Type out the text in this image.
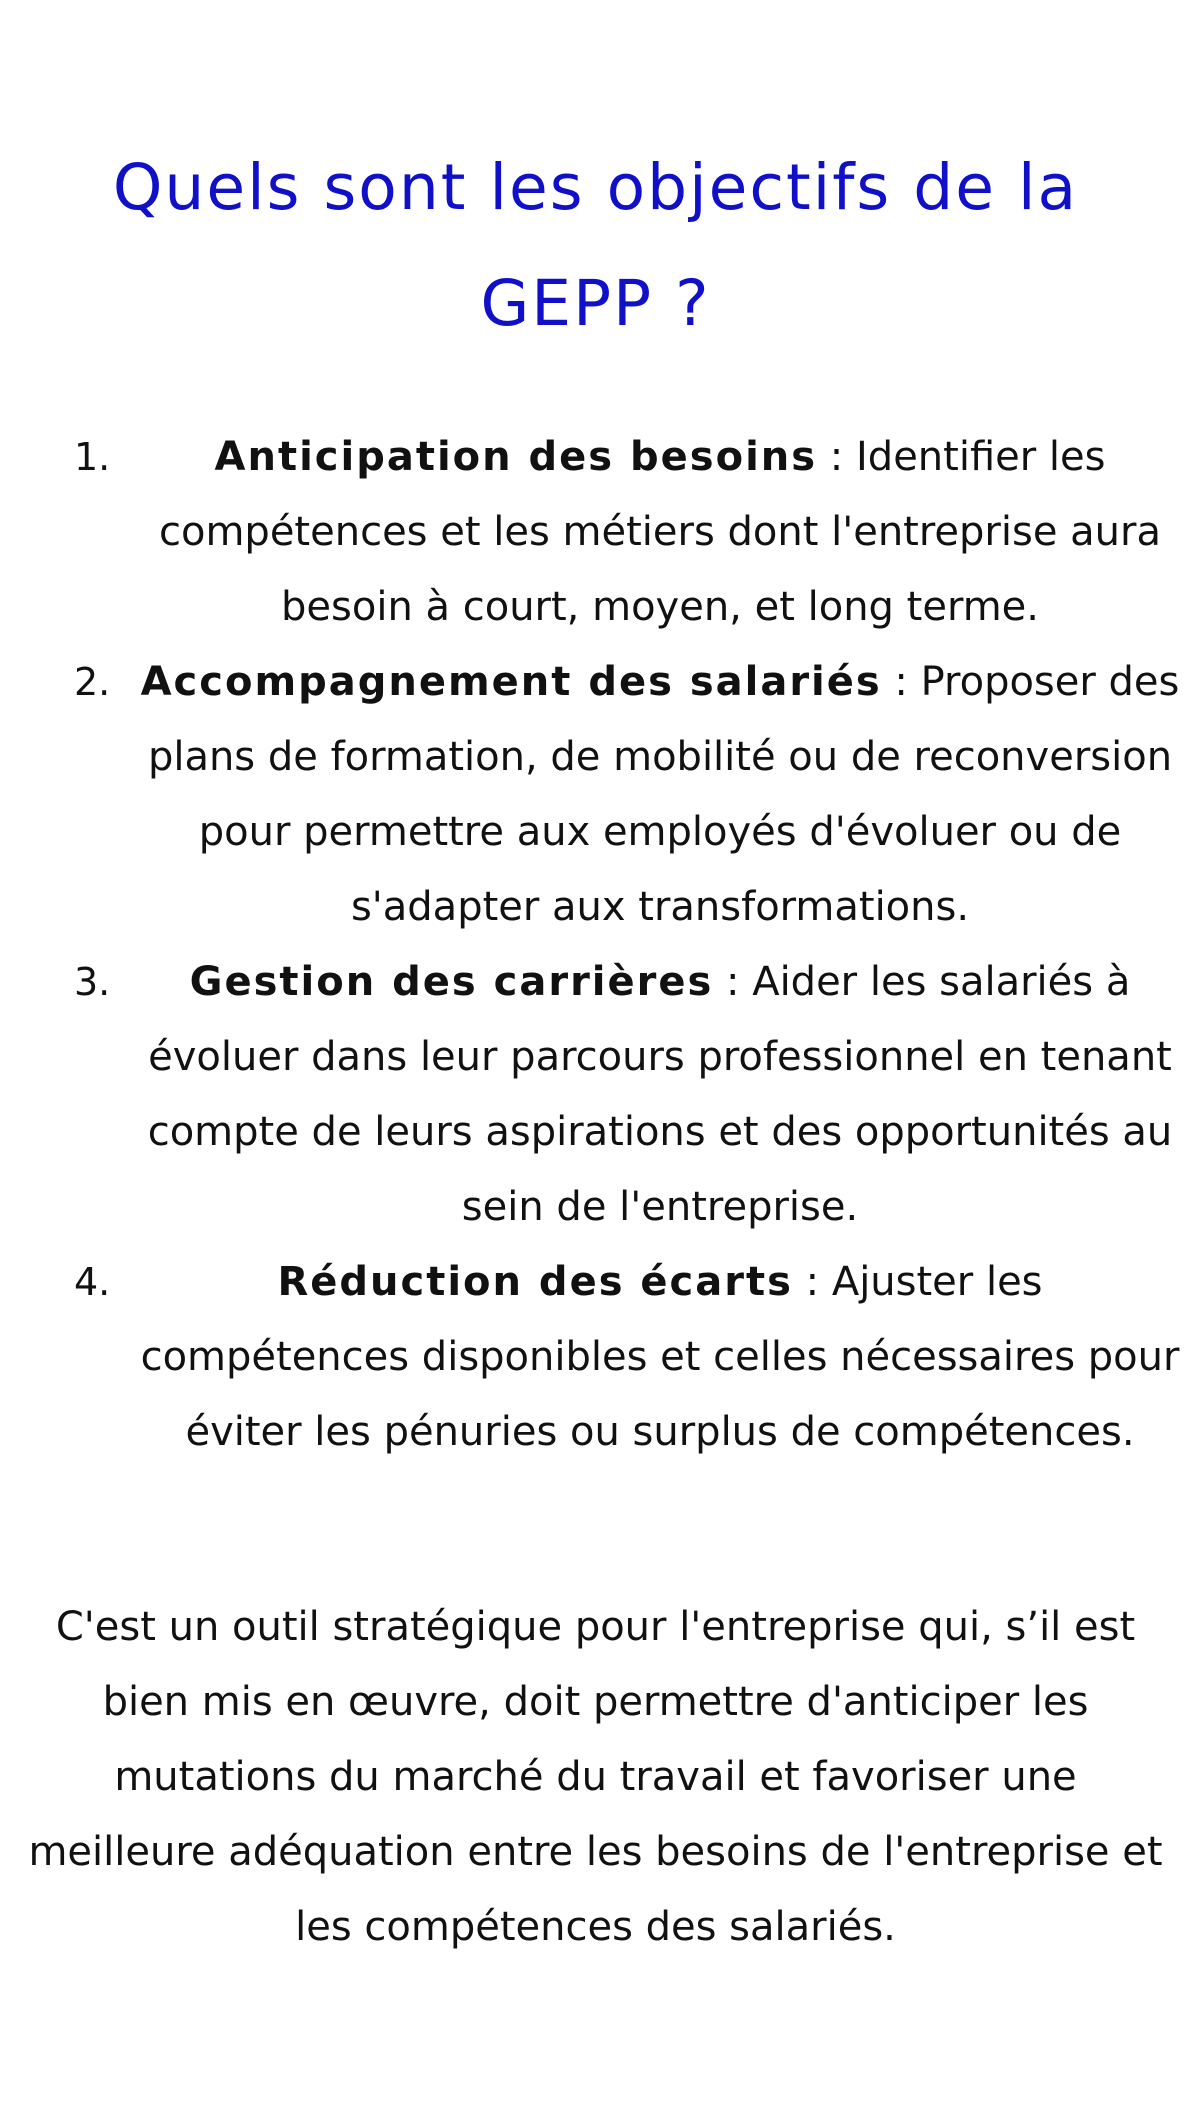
Quels sont les objectifs de la GEPP ?
1.	Anticipation des besoins : Identifier les compétences et les métiers dont l'entreprise aura besoin à court, moyen, et long terme.
2. Accompagnement des salariés : Proposer des plans de formation, de mobilité ou de reconversion pour permettre aux employés d'évoluer ou de s'adapter aux transformations.
3. Gestion des carrières : Aider les salariés à évoluer dans leur parcours professionnel en tenant compte de leurs aspirations et des opportunités au sein de l'entreprise.
4.	Réduction des écarts : Ajuster les compétences disponibles et celles nécessaires pour éviter les pénuries ou surplus de compétences.

C'est un outil stratégique pour l'entreprise qui, s’il est bien mis en œuvre, doit permettre d'anticiper les mutations du marché du travail et favoriser une meilleure adéquation entre les besoins de l'entreprise et les compétences des salariés.
